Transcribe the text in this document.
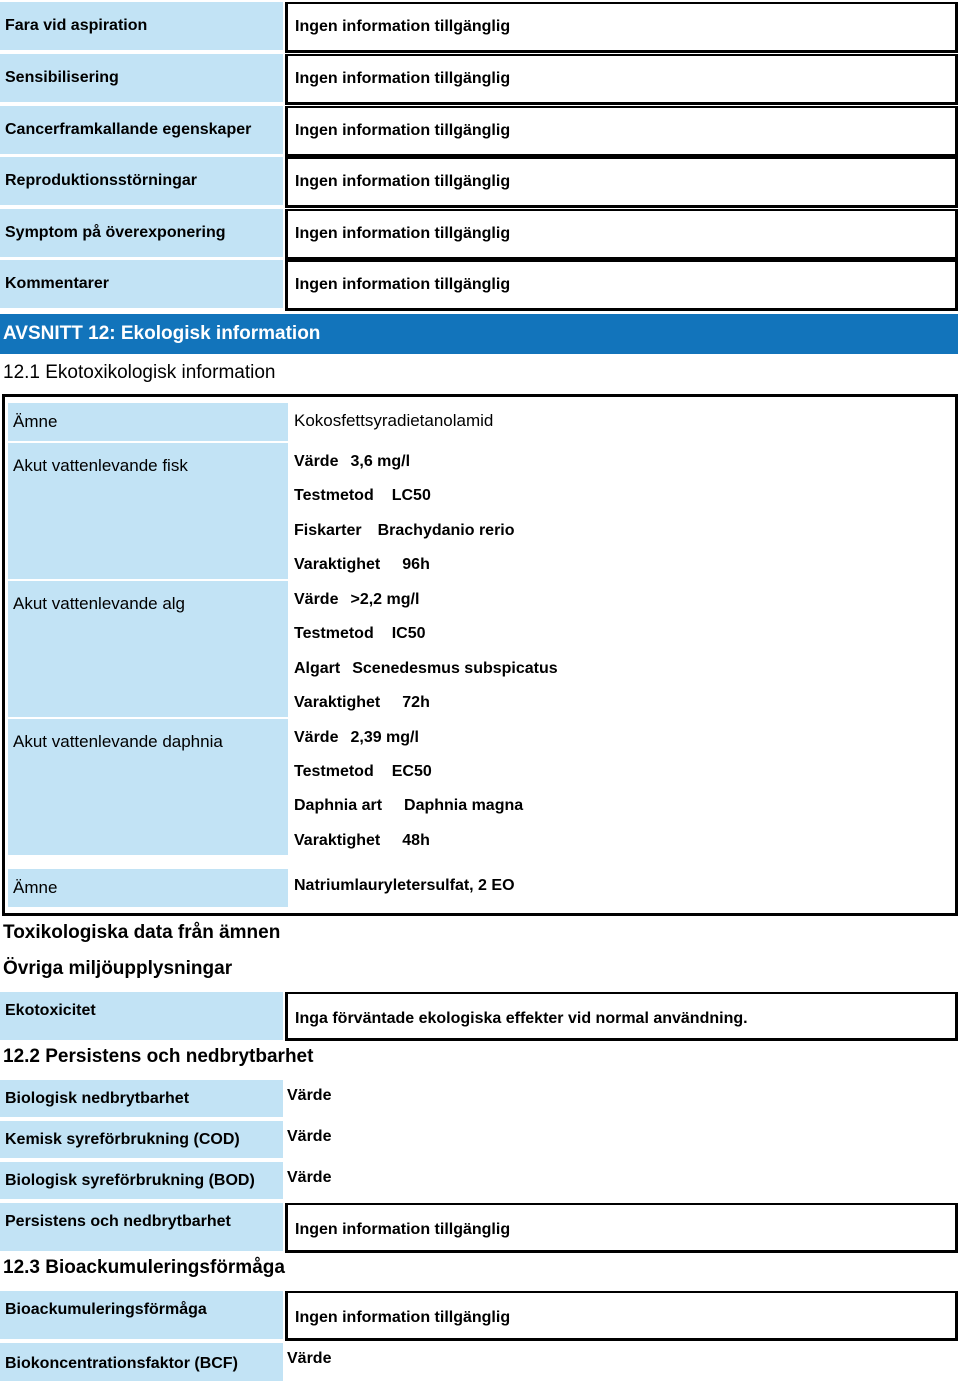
Fara vid aspiration	Ingen information tillgänglig
Sensibilisering	Ingen information tillgänglig
Cancerframkallande egenskaper	Ingen information tillgänglig
Reproduktionsstörningar	Ingen information tillgänglig
Symptom på överexponering	Ingen information tillgänglig
Kommentarer	Ingen information tillgänglig
AVSNITT 12: Ekologisk information
12.1 Ekotoxikologisk information
Ämne	Kokosfettsyradietanolamid
Akut vattenlevande fisk	Värde 3,6 mg/l
Testmetod LC50
Fiskarter Brachydanio rerio
Varaktighet 96h
Akut vattenlevande alg	Värde >2,2 mg/l
Testmetod IC50
Algart Scenedesmus subspicatus
Varaktighet 72h
Akut vattenlevande daphnia	Värde 2,39 mg/l
Testmetod EC50
Daphnia art Daphnia magna
Varaktighet 48h
Ämne	Natriumlauryletersulfat, 2 EO
Toxikologiska data från ämnen
Övriga miljöupplysningar
Ekotoxicitet	Inga förväntade ekologiska effekter vid normal användning.
12.2 Persistens och nedbrytbarhet
Biologisk nedbrytbarhet	Värde
Kemisk syreförbrukning (COD)	Värde
Biologisk syreförbrukning (BOD) Värde
Persistens och nedbrytbarhet	Ingen information tillgänglig
12.3 Bioackumuleringsförmåga
Bioackumuleringsförmåga	Ingen information tillgänglig
Biokoncentrationsfaktor (BCF)	Värde
